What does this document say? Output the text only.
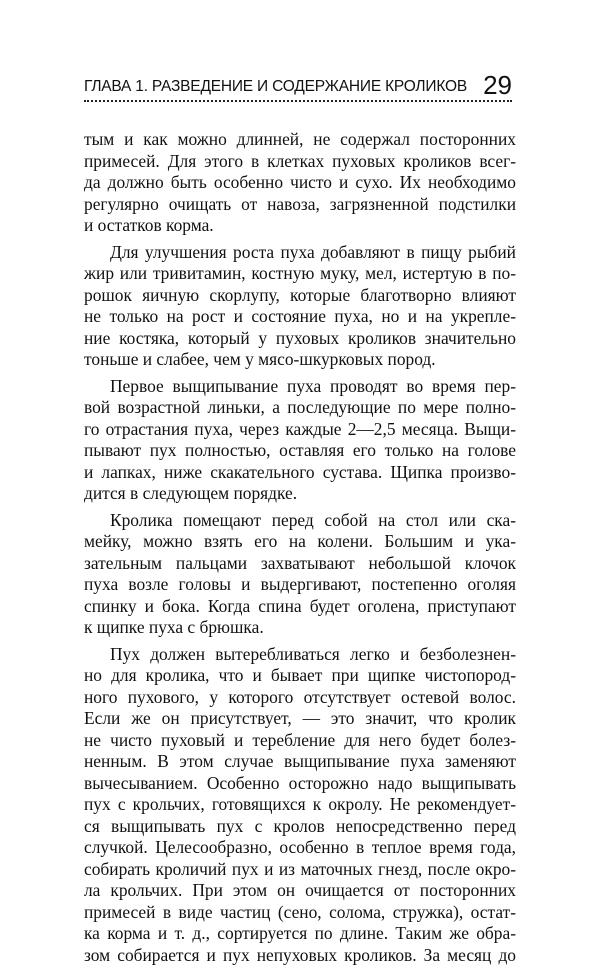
ГЛАВА 1. РАЗВЕДЕНИЕ И СОДЕРЖАНИЕ КРОЛИКОВ 29

тым и как можно длинней, не содержал посторонних
примесей. Для этого в клетках пуховых кроликов всег-
да должно быть особенно чисто и сухо. Их необходимо
регулярно очищать от навоза, загрязненной подстилки
и остатков корма.

Для улучшения роста пуха добавляют в пищу рыбий
жир или тривитамин, костную муку, мел, истертую в по-
рошок яичную скорлупу, которые благотворно влияют
не только на рост и состояние пуха, но и на укрепле-
ние костяка, который у пуховых кроликов значительно
тоньше и слабее, чем у мясо-шкурковых пород.

Первое выщипывание пуха проводят во время пер-
вой возрастной линьки, а последующие по мере полно-
го отрастания пуха, через каждые 2—2,5 месяца. Выщи-
пывают пух полностью, оставляя его только на голове
и лапках, ниже скакательного сустава. Щипка произво-
дится в следующем порядке.

Кролика помещают перед собой на стол или ска-
мейку, можно взять его на колени. Большим и ука-
зательным пальцами захватывают небольшой клочок
пуха возле головы и выдергивают, постепенно оголяя
спинку и бока. Когда спина будет оголена, приступают
к щипке пуха с брюшка.

Пух должен вытеребливаться легко и безболезнен-
но для кролика, что и бывает при щипке чистопород-
ного пухового, у которого отсутствует остевой волос.
Если же он присутствует, — это значит, что кролик
не чисто пуховый и теребление для него будет болез-
ненным. В этом случае выщипывание пуха заменяют
вычесыванием. Особенно осторожно надо выщипывать
пух с крольчих, готовящихся к окролу. Не рекомендует-
ся выщипывать пух с кролов непосредственно перед
случкой. Целесообразно, особенно в теплое время года,
собирать кроличий пух и из маточных гнезд, после окро-
ла крольчих. При этом он очищается от посторонних
примесей в виде частиц (сено, солома, стружка), остат-
ка корма и т. д., сортируется по длине. Таким же обра-
зом собирается и пух непуховых кроликов. За месяц до
